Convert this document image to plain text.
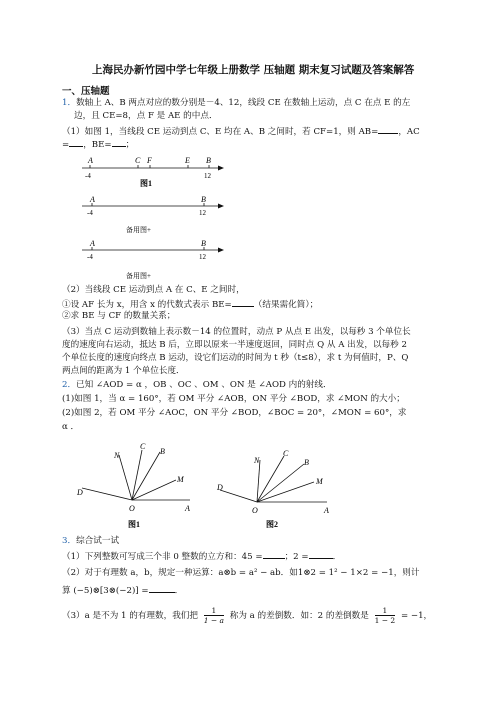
上海民办新竹园中学七年级上册数学 压轴题 期末复习试题及答案解答
一、压轴题
1．数轴上 A、B 两点对应的数分别是－4、12，线段 CE 在数轴上运动，点 C 在点 E 的左
边，且 CE=8，点 F 是 AE 的中点．
（1）如图 1，当线段 CE 运动到点 C、E 均在 A、B 之间时，若 CF=1，则 AB= ，AC
= ，BE= ；
A	C F	E B
-4	12
图1
A	B
-4	12
备用图+
A	B
-4	12
备用图+
（2）当线段 CE 运动到点 A 在 C、E 之间时，
①设 AF 长为 x，用含 x 的代数式表示 BE=	（结果需化简）；
②求 BE 与 CF 的数量关系；
（3）当点 C 运动到数轴上表示数－14 的位置时，动点 P 从点 E 出发，以每秒 3 个单位长
度的速度向右运动，抵达 B 后，立即以原来一半速度返回，同时点 Q 从 A 出发，以每秒 2
个单位长度的速度向终点 B 运动，设它们运动的时间为 t 秒（t≤8），求 t 为何值时，P、Q
两点间的距离为 1 个单位长度．
2．已知 ∠AOD = α ，OB 、OC 、OM 、ON 是 ∠AOD 内的射线．
(1)如图 1，当 α = 160°，若 OM 平分 ∠AOB，ON 平分 ∠BOD，求 ∠MON 的大小；
(2)如图 2，若 OM 平分 ∠AOC，ON 平分 ∠BOD，∠BOC = 20°，∠MON = 60°，求
α ．
N
C
B
M
D
O	A
图1
N
C
B
M
D
O	A
图2
3．综合试一试
（1）下列整数可写成三个非 0 整数的立方和：45 =	；2 =	．
（2）对于有理数 a，b，规定一种运算：a⊗b = a² − ab．如1⊗2 = 1² − 1×2 = −1，则计
算 (−5)⊗[3⊗(−2)] =	．
（3）a 是不为 1 的有理数，我们把 $\frac{1}{1 - a}$ 称为 a 的差倒数．如：2 的差倒数是 $\frac{1}{1 - 2} = -1$，
